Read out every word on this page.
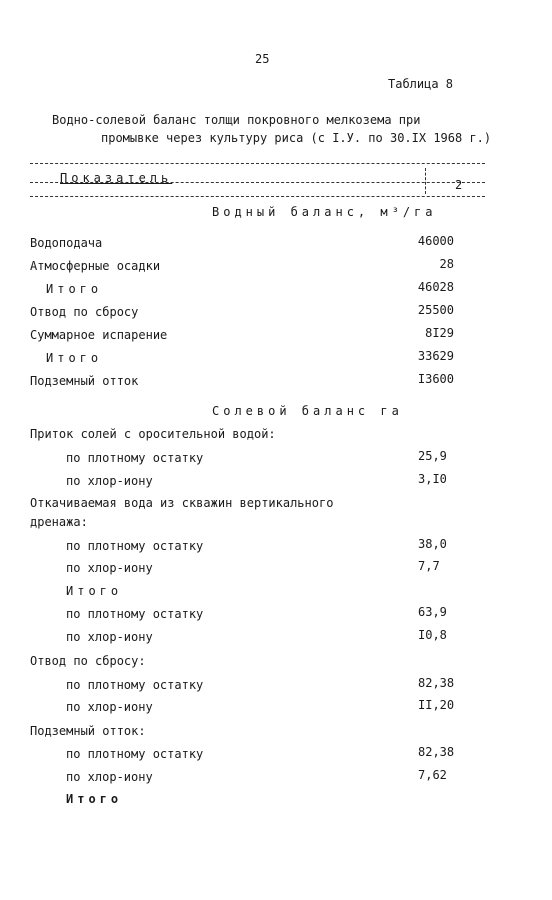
25
Таблица 8
Водно-солевой баланс толщи покровного мелкозема при
промывке через культуру риса (с I.У. по 30.IX 1968 г.)
Показатель	2
Водный баланс, м³/га
Водоподача	46000
Атмосферные осадки	28
Итого	46028
Отвод по сбросу	25500
Суммарное испарение	8I29
Итого	33629
Подземный отток	I3600
Солевой баланс га
Приток солей с оросительной водой:
по плотному остатку	25,9
по хлор-иону	3,I0
Откачиваемая вода из скважин вертикального
дренажа:
по плотному остатку	38,0
по хлор-иону	7,7
Итого
по плотному остатку	63,9
по хлор-иону	I0,8
Отвод по сбросу:
по плотному остатку	82,38
по хлор-иону	II,20
Подземный отток:
по плотному остатку	82,38
по хлор-иону	7,62
Итого
